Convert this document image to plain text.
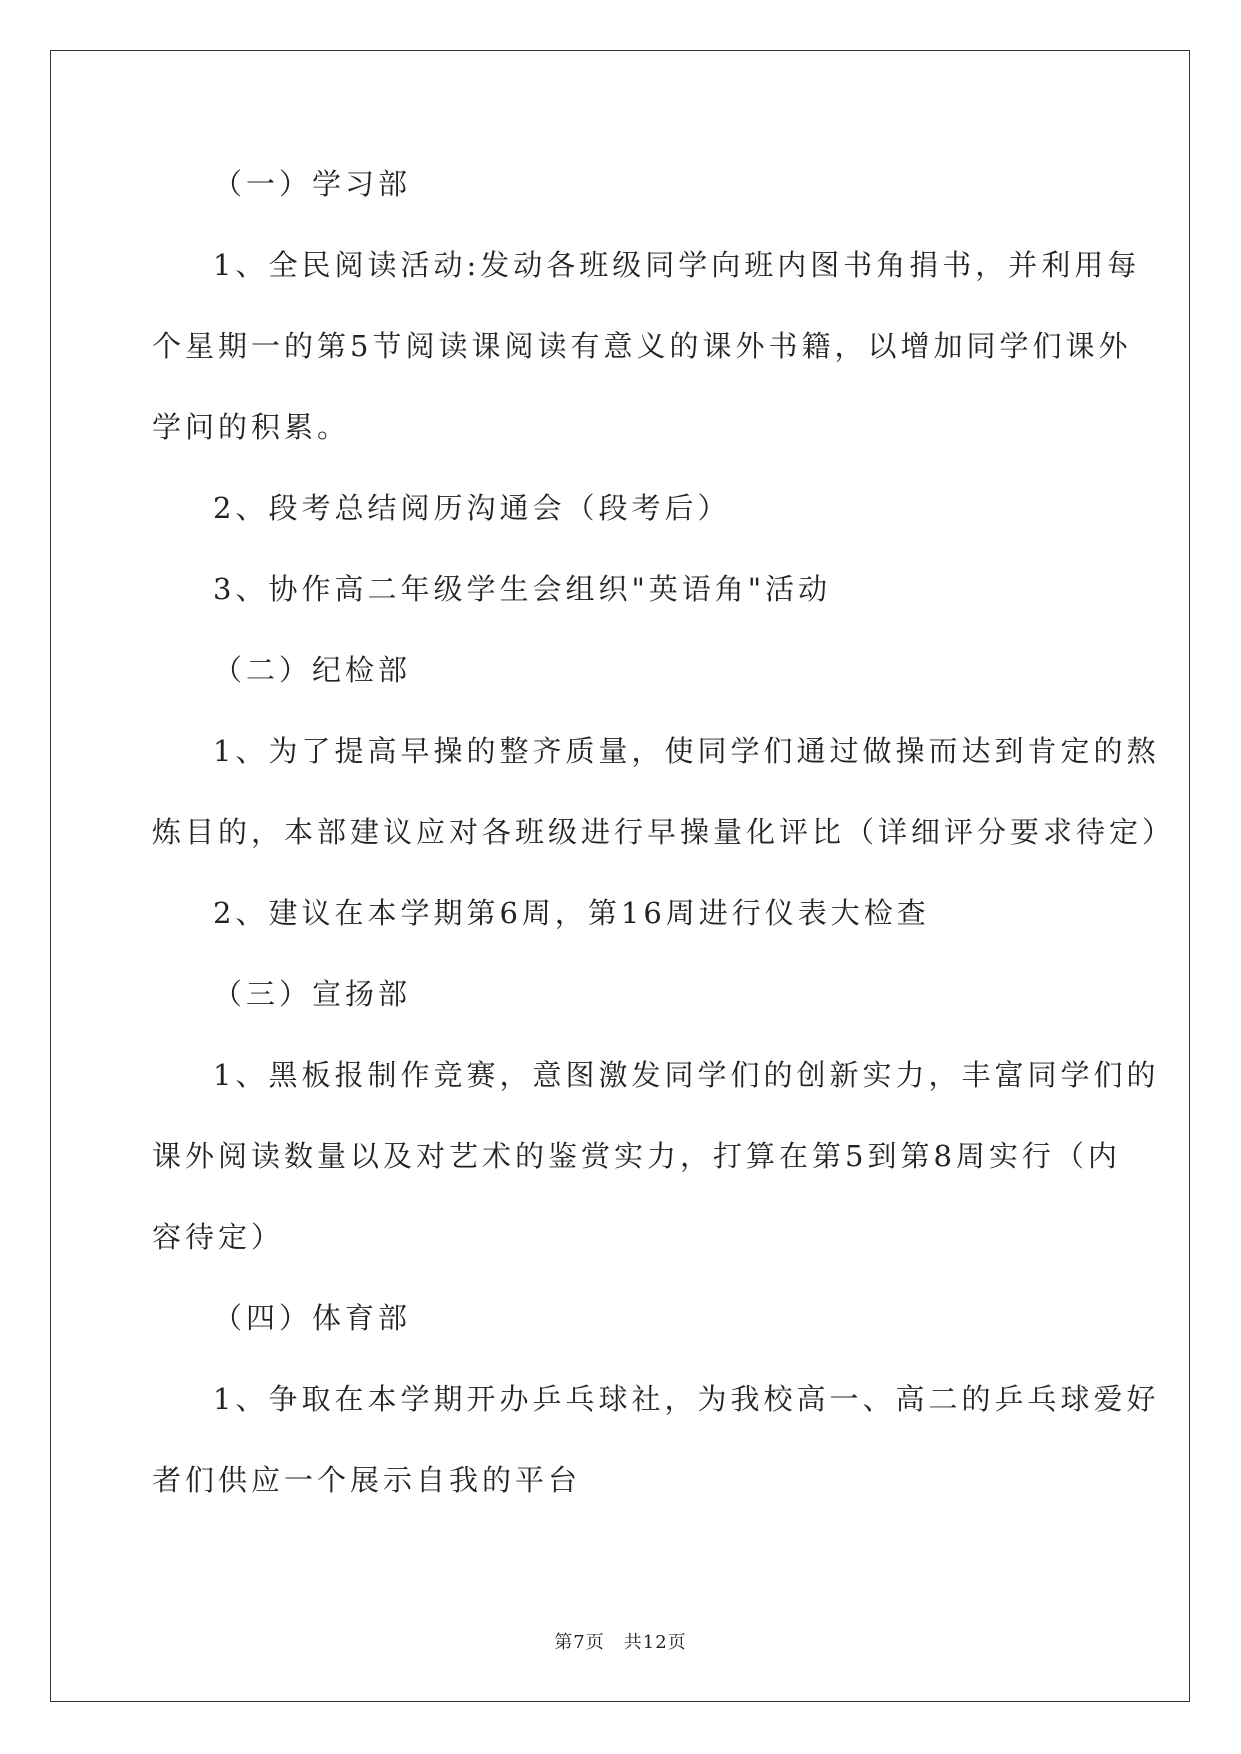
（一）学习部
1、全民阅读活动:发动各班级同学向班内图书角捐书，并利用每
个星期一的第5节阅读课阅读有意义的课外书籍，以增加同学们课外
学问的积累。
2、段考总结阅历沟通会（段考后）
3、协作高二年级学生会组织"英语角"活动
（二）纪检部
1、为了提高早操的整齐质量，使同学们通过做操而达到肯定的熬
炼目的，本部建议应对各班级进行早操量化评比（详细评分要求待定）
2、建议在本学期第6周，第16周进行仪表大检查
（三）宣扬部
1、黑板报制作竞赛，意图激发同学们的创新实力，丰富同学们的
课外阅读数量以及对艺术的鉴赏实力，打算在第5到第8周实行（内
容待定）
（四）体育部
1、争取在本学期开办乒乓球社，为我校高一、高二的乒乓球爱好
者们供应一个展示自我的平台
第7页　共12页
